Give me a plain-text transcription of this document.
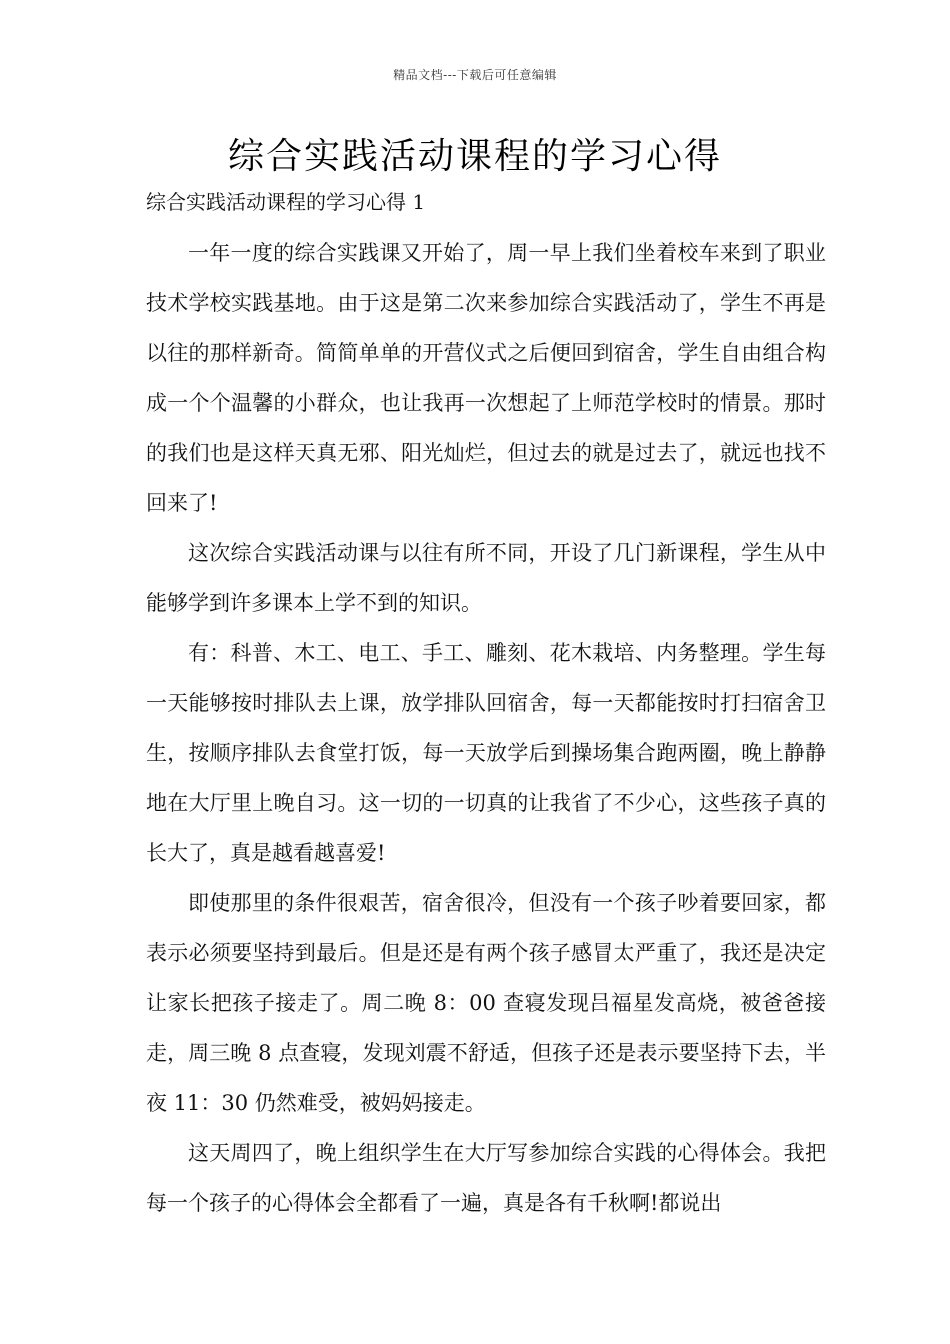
精品文档---下载后可任意编辑
综合实践活动课程的学习心得
综合实践活动课程的学习心得 1

一年一度的综合实践课又开始了，周一早上我们坐着校车来到了职业技术学校实践基地。由于这是第二次来参加综合实践活动了，学生不再是以往的那样新奇。简简单单的开营仪式之后便回到宿舍，学生自由组合构成一个个温馨的小群众，也让我再一次想起了上师范学校时的情景。那时的我们也是这样天真无邪、阳光灿烂，但过去的就是过去了，就远也找不回来了!

这次综合实践活动课与以往有所不同，开设了几门新课程，学生从中能够学到许多课本上学不到的知识。

有：科普、木工、电工、手工、雕刻、花木栽培、内务整理。学生每一天能够按时排队去上课，放学排队回宿舍，每一天都能按时打扫宿舍卫生，按顺序排队去食堂打饭，每一天放学后到操场集合跑两圈，晚上静静地在大厅里上晚自习。这一切的一切真的让我省了不少心，这些孩子真的长大了，真是越看越喜爱!

即使那里的条件很艰苦，宿舍很冷，但没有一个孩子吵着要回家，都表示必须要坚持到最后。但是还是有两个孩子感冒太严重了，我还是决定让家长把孩子接走了。周二晚 8：00 查寝发现吕福星发高烧，被爸爸接走，周三晚 8 点查寝，发现刘震不舒适，但孩子还是表示要坚持下去，半夜 11：30 仍然难受，被妈妈接走。

这天周四了，晚上组织学生在大厅写参加综合实践的心得体会。我把每一个孩子的心得体会全都看了一遍，真是各有千秋啊!都说出
